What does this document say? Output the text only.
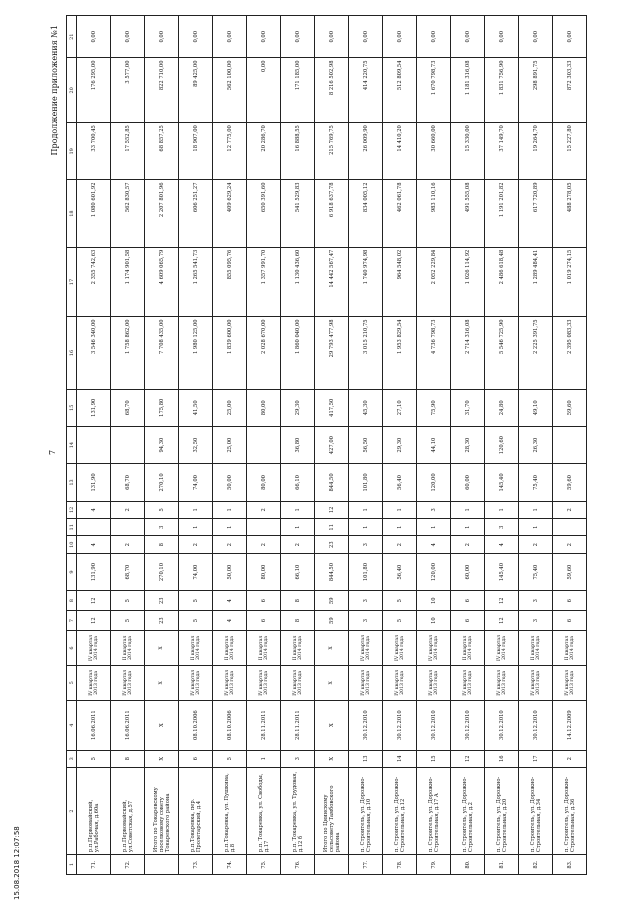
Продолжение приложения №1
7
1	2	3	4	5	6	7	8	9	10	11	12	13	14	15	16	17	18	19	20	21
71.	р.п.Первомайский, ул.Рабочая, д.60а	5	16.06.2011	IV квартал 2013 года	IV квартал 2014 года	12	12	131,90	4		4	131,90		131,90	3 546 340,00	2 355 742,63	1 080 601,92	33 700,45	176 295,00	0,00
72.	р.п.Первомайский, ул.Советская, д.57	8	16.06.2011	IV квартал 2013 года	II квартал 2014 года	5	5	68,70	2		2	68,70		68,70	1 758 862,00	1 174 901,58	562 830,57	17 552,85	3 577,00	0,00
	Итого по Токаревскому поселковому совету Токаревского района	X	X	X	X	23	23	270,10	8	3	5	270,10	94,30	175,80	7 708 435,00	4 609 065,79	2 207 801,96	68 857,25	822 710,00	0,00
73.	р.п.Токаревка, пер. Пролетарский, д.4	6	08.10.2006	IV квартал 2013 года	II квартал 2014 года	5	5	74,00	2	1	1	74,00	32,50	41,50	1 980 125,00	1 265 541,73	606 251,27	18 907,00	89 425,00	0,00
74.	р.п.Токаревка, ул. Пушкина, д.8	5	08.10.2006	IV квартал 2013 года	II квартал 2014 года	4	4	50,00	2	1	1	50,00	25,00	25,00	1 839 600,00	855 095,76	409 629,24	12 775,00	562 100,00	0,00
75.	р.п. Токаревка, ул. Свободы, д.17	1	28.11.2011	IV квартал 2013 года	II квартал 2014 года	6	6	80,00	2		2	80,00		80,00	2 028 670,00	1 357 991,70	650 391,60	20 286,70	0,00	0,00
76.	р.п. Токаревка, ул. Трудовая, д.12 б	3	28.11.2011	IV квартал 2013 года	II квартал 2014 года	8	8	66,10	2	1	1	66,10	36,80	29,30	1 860 040,00	1 130 436,60	541 529,83	16 888,55	171 185,00	0,00
	Итого по Цнинскому сельсовету Тамбовского района	X	X	X	X	59	59	844,50	23	11	12	844,50	427,00	417,50	29 793 477,98	14 442 567,47	6 918 637,78	215 769,75	8 216 502,98	0,00
77.	п. Строитель, ул. Дорожно-Строительная, д.10	13	30.12.2010	IV квартал 2013 года	IV квартал 2014 года	3	3	101,80	3	1	1	101,80	56,50	45,30	3 015 210,75	1 740 974,98	834 005,12	26 009,90	414 220,75	0,00
78.	п. Строитель, ул. Дорожно-Строительная, д.12	14	30.12.2010	IV квартал 2013 года	IV квартал 2014 года	5	5	56,40	2	1	1	56,40	29,30	27,10	1 953 829,54	964 548,02	462 061,78	14 410,20	512 809,54	0,00
79.	п. Строитель, ул. Дорожно-Строительная, д.17 А	15	30.12.2010	IV квартал 2013 года	IV квартал 2014 года	10	10	120,00	4	1	3	120,00	44,10	75,90	4 736 798,73	2 052 229,84	983 110,16	30 660,00	1 670 798,73	0,00
80.	п. Строитель, ул. Дорожно-Строительная, д.2	12	30.12.2010	IV квартал 2013 года	II квартал 2014 года	6	6	60,00	2	1	1	60,00	28,30	31,70	2 714 316,08	1 026 114,92	491 555,08	15 330,00	1 181 316,08	0,00
81.	п. Строитель, ул. Дорожно-Строительная, д.20	16	30.12.2010	IV квартал 2013 года	IV квартал 2014 года	12	12	145,40	4	3	1	145,40	120,60	24,80	5 546 725,90	2 486 618,48	1 191 201,82	37 149,70	1 831 756,90	0,00
82.	п. Строитель, ул. Дорожно-Строительная, д.34	17	30.12.2010	IV квартал 2013 года	II квартал 2014 года	3	3	75,40	2	1	1	75,40	26,30	49,10	2 225 391,75	1 289 484,41	617 720,89	19 264,70	298 891,75	0,00
83.	п. Строитель, ул. Дорожно-Строительная, д.36	2	14.12.2009	IV квартал 2013 года	II квартал 2014 года	6	6	59,60	2		2	59,60		59,60	2 395 083,33	1 019 274,15	488 278,05	15 227,80	872 303,33	0,00
15.08.2018 12:07:58
